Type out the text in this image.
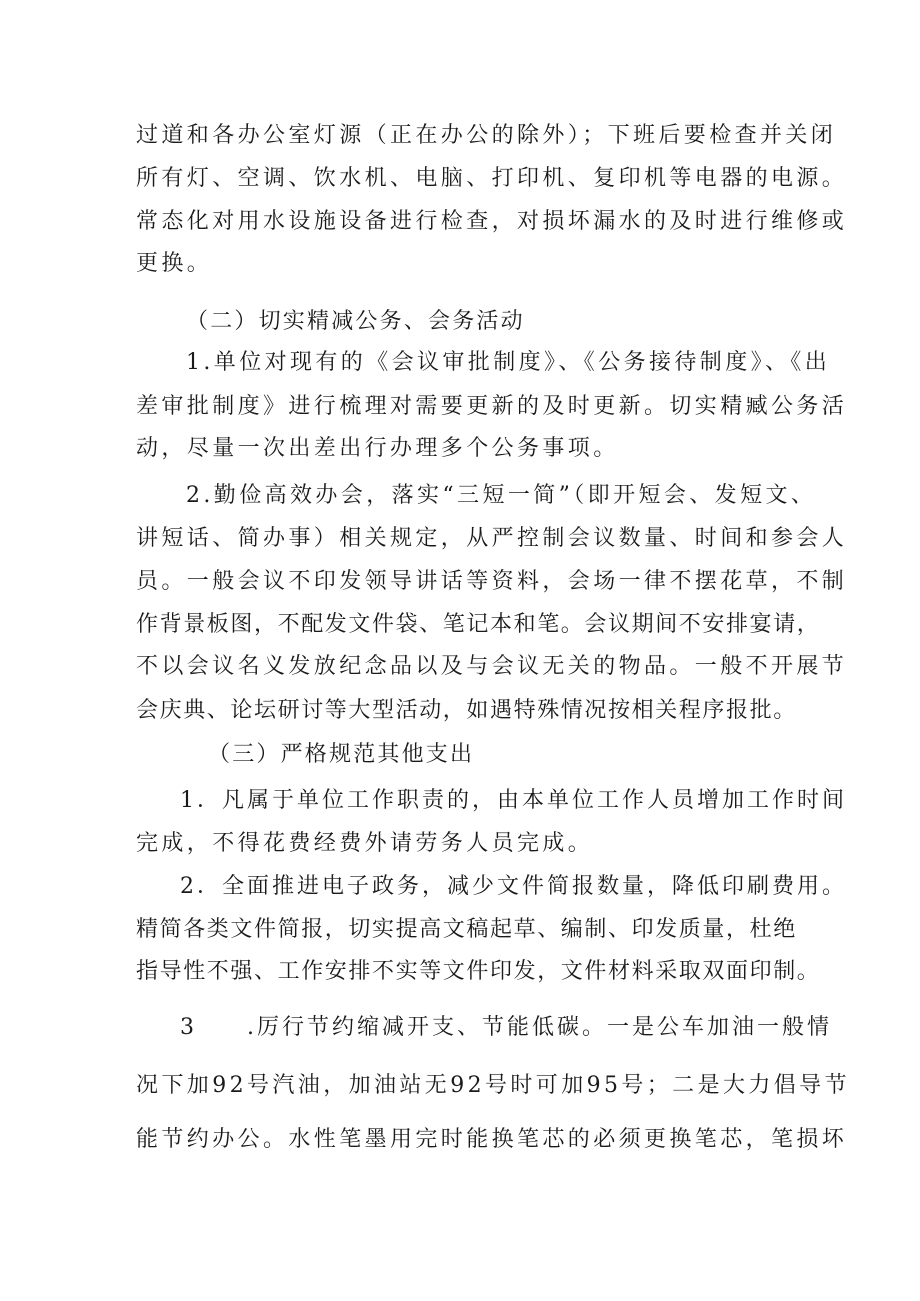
过道和各办公室灯源（正在办公的除外）；下班后要检查并关闭
所有灯、空调、饮水机、电脑、打印机、复印机等电器的电源。
常态化对用水设施设备进行检查，对损坏漏水的及时进行维修或
更换。
（二）切实精减公务、会务活动
1.单位对现有的《会议审批制度》、《公务接待制度》、《出
差审批制度》进行梳理对需要更新的及时更新。切实精臧公务活
动，尽量一次出差出行办理多个公务事项。
2.勤俭高效办会，落实“三短一简”（即开短会、发短文、
讲短话、简办事）相关规定，从严控制会议数量、时间和参会人
员。一般会议不印发领导讲话等资料，会场一律不摆花草，不制
作背景板图，不配发文件袋、笔记本和笔。会议期间不安排宴请，
不以会议名义发放纪念品以及与会议无关的物品。一般不开展节
会庆典、论坛研讨等大型活动，如遇特殊情况按相关程序报批。
（三）严格规范其他支出
1．凡属于单位工作职责的，由本单位工作人员增加工作时间
完成，不得花费经费外请劳务人员完成。
2．全面推进电子政务，减少文件简报数量，降低印刷费用。
精简各类文件简报，切实提高文稿起草、编制、印发质量，杜绝
指导性不强、工作安排不实等文件印发，文件材料采取双面印制。
3　　.厉行节约缩减开支、节能低碳。一是公车加油一般情
况下加92号汽油，加油站无92号时可加95号；二是大力倡导节
能节约办公。水性笔墨用完时能换笔芯的必须更换笔芯，笔损坏
